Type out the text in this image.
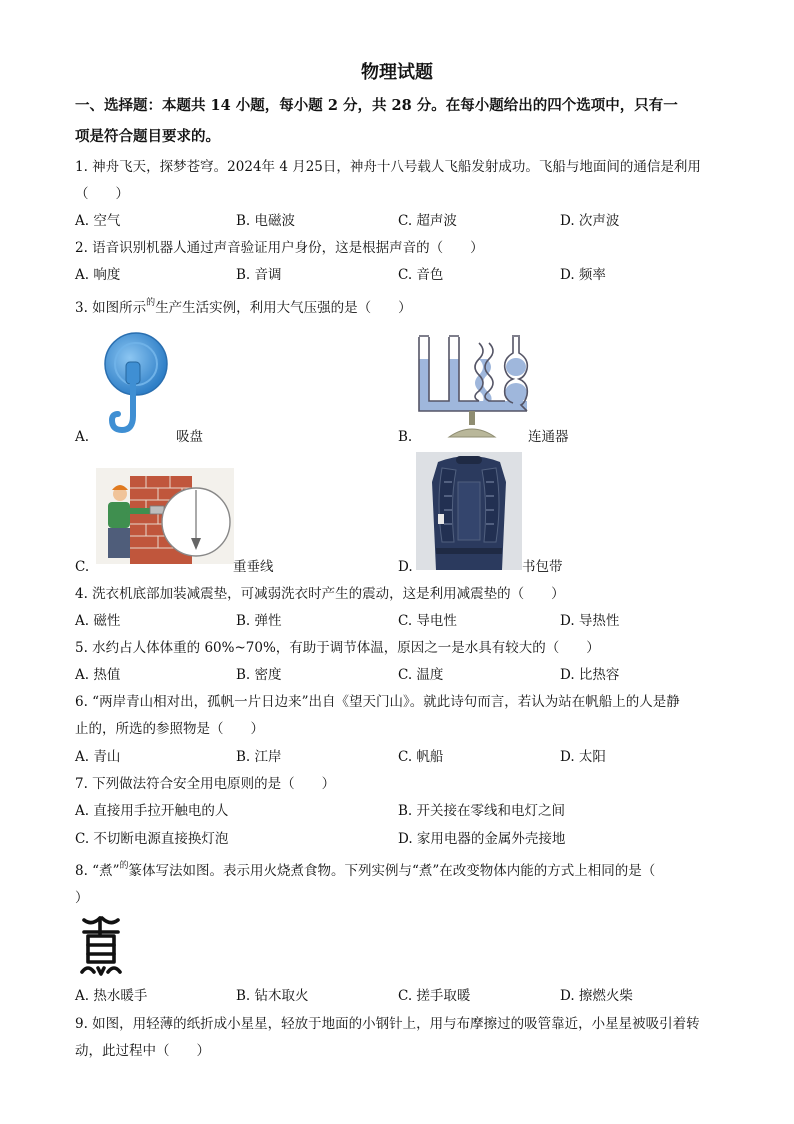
物理试题
一、选择题：本题共 14 小题，每小题 2 分，共 28 分。在每小题给出的四个选项中，只有一
项是符合题目要求的。
1. 神舟飞天，探梦苍穹。2024年 4 月25日，神舟十八号载人飞船发射成功。飞船与地面间的通信是利用
（　　）
A. 空气	B. 电磁波	C. 超声波	D. 次声波
2. 语音识别机器人通过声音验证用户身份，这是根据声音的（　　）
A. 响度	B. 音调	C. 音色	D. 频率
3. 如图所示$^的$生产生活实例，利用大气压强的是（　　）
A.	吸盘	B.	连通器
C.	重垂线	D.	书包带
4. 洗衣机底部加装减震垫，可减弱洗衣时产生的震动，这是利用减震垫的（　　）
A. 磁性	B. 弹性	C. 导电性	D. 导热性
5. 水约占人体体重的 60%~70%，有助于调节体温，原因之一是水具有较大的（　　）
A. 热值	B. 密度	C. 温度	D. 比热容
6. “两岸青山相对出，孤帆一片日边来”出自《望天门山》。就此诗句而言，若认为站在帆船上的人是静
止的，所选的参照物是（　　）
A. 青山	B. 江岸	C. 帆船	D. 太阳
7. 下列做法符合安全用电原则的是（　　）
A. 直接用手拉开触电的人	B. 开关接在零线和电灯之间
C. 不切断电源直接换灯泡	D. 家用电器的金属外壳接地
8. “煮”$^的$篆体写法如图。表示用火烧煮食物。下列实例与“煮”在改变物体内能的方式上相同的是（
）
A. 热水暖手	B. 钻木取火	C. 搓手取暖	D. 擦燃火柴
9. 如图，用轻薄的纸折成小星星，轻放于地面的小钢针上，用与布摩擦过的吸管靠近，小星星被吸引着转
动，此过程中（　　）
